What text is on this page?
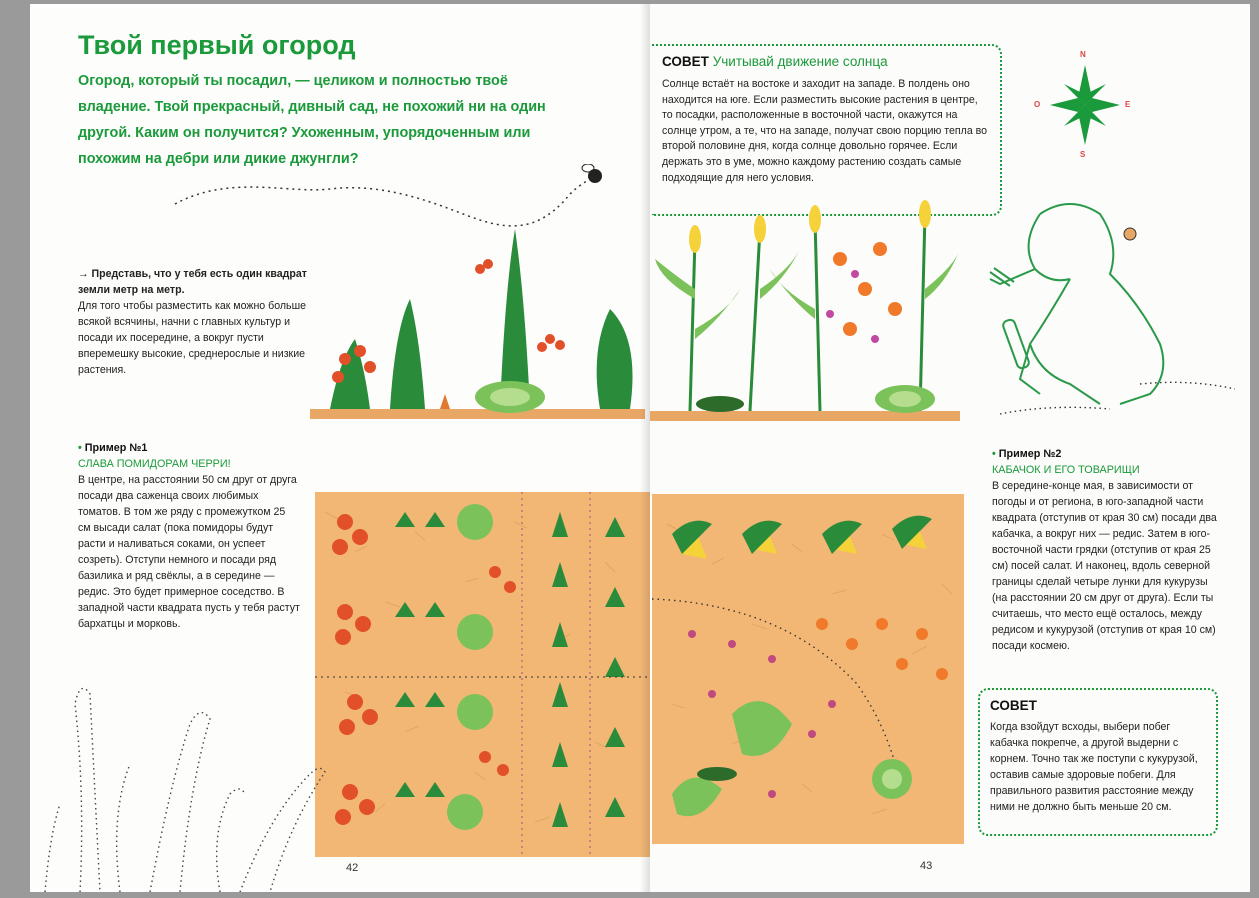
Твой первый огород

Огород, который ты посадил, — целиком и полностью твоё владение. Твой прекрасный, дивный сад, не похожий ни на один другой. Каким он получится? Ухоженным, упорядоченным или похожим на дебри или дикие джунгли?

→ Представь, что у тебя есть один квадрат земли метр на метр.
Для того чтобы разместить как можно больше всякой всячины, начни с главных культур и посади их посередине, а вокруг пусти вперемешку высокие, среднерослые и низкие растения.

• Пример №1
СЛАВА ПОМИДОРАМ ЧЕРРИ!
В центре, на расстоянии 50 см друг от друга посади два саженца своих любимых томатов. В том же ряду с промежутком 25 см высади салат (пока помидоры будут расти и наливаться соками, он успеет созреть). Отступи немного и посади ряд базилика и ряд свёклы, а в середине — редис. Это будет примерное соседство. В западной части квадрата пусть у тебя растут бархатцы и морковь.
42
СОВЕТ Учитывай движение солнца

Солнце встаёт на востоке и заходит на западе. В полдень оно находится на юге. Если разместить высокие растения в центре, то посадки, расположенные в восточной части, окажутся на солнце утром, а те, что на западе, получат свою порцию тепла во второй половине дня, когда солнце довольно горячее. Если держать это в уме, можно каждому растению создать самые подходящие для него условия.

N
E
S
O
• Пример №2
КАБАЧОК И ЕГО ТОВАРИЩИ
В середине-конце мая, в зависимости от погоды и от региона, в юго-западной части квадрата (отступив от края 30 см) посади два кабачка, а вокруг них — редис. Затем в юго-восточной части грядки (отступив от края 25 см) посей салат. И наконец, вдоль северной границы сделай четыре лунки для кукурузы (на расстоянии 20 см друг от друга). Если ты считаешь, что место ещё осталось, между редисом и кукурузой (отступив от края 10 см) посади космею.
СОВЕТ

Когда взойдут всходы, выбери побег кабачка покрепче, а другой выдерни с корнем. Точно так же поступи с кукурузой, оставив самые здоровые побеги. Для правильного развития расстояние между ними не должно быть меньше 20 см.

43
